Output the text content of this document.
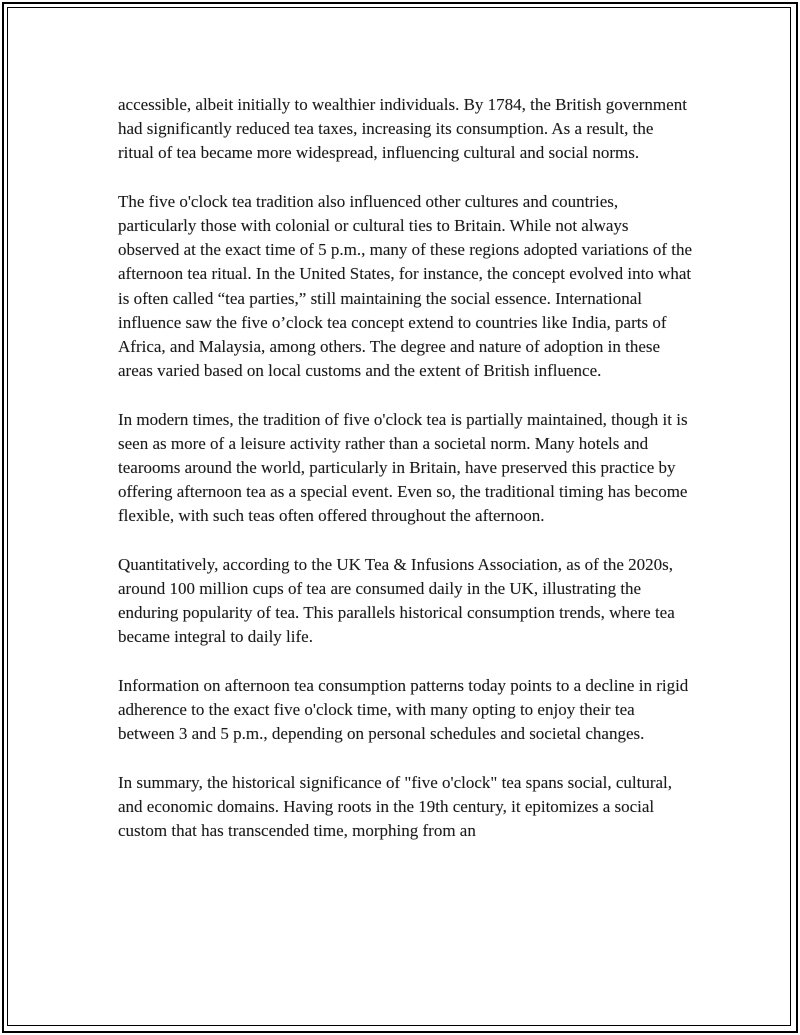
accessible, albeit initially to wealthier individuals. By 1784, the British government had significantly reduced tea taxes, increasing its consumption. As a result, the ritual of tea became more widespread, influencing cultural and social norms.

The five o'clock tea tradition also influenced other cultures and countries, particularly those with colonial or cultural ties to Britain. While not always observed at the exact time of 5 p.m., many of these regions adopted variations of the afternoon tea ritual. In the United States, for instance, the concept evolved into what is often called “tea parties,” still maintaining the social essence. International influence saw the five o’clock tea concept extend to countries like India, parts of Africa, and Malaysia, among others. The degree and nature of adoption in these areas varied based on local customs and the extent of British influence.

In modern times, the tradition of five o'clock tea is partially maintained, though it is seen as more of a leisure activity rather than a societal norm. Many hotels and tearooms around the world, particularly in Britain, have preserved this practice by offering afternoon tea as a special event. Even so, the traditional timing has become flexible, with such teas often offered throughout the afternoon.

Quantitatively, according to the UK Tea & Infusions Association, as of the 2020s, around 100 million cups of tea are consumed daily in the UK, illustrating the enduring popularity of tea. This parallels historical consumption trends, where tea became integral to daily life.

Information on afternoon tea consumption patterns today points to a decline in rigid adherence to the exact five o'clock time, with many opting to enjoy their tea between 3 and 5 p.m., depending on personal schedules and societal changes.

In summary, the historical significance of "five o'clock" tea spans social, cultural, and economic domains. Having roots in the 19th century, it epitomizes a social custom that has transcended time, morphing from an
